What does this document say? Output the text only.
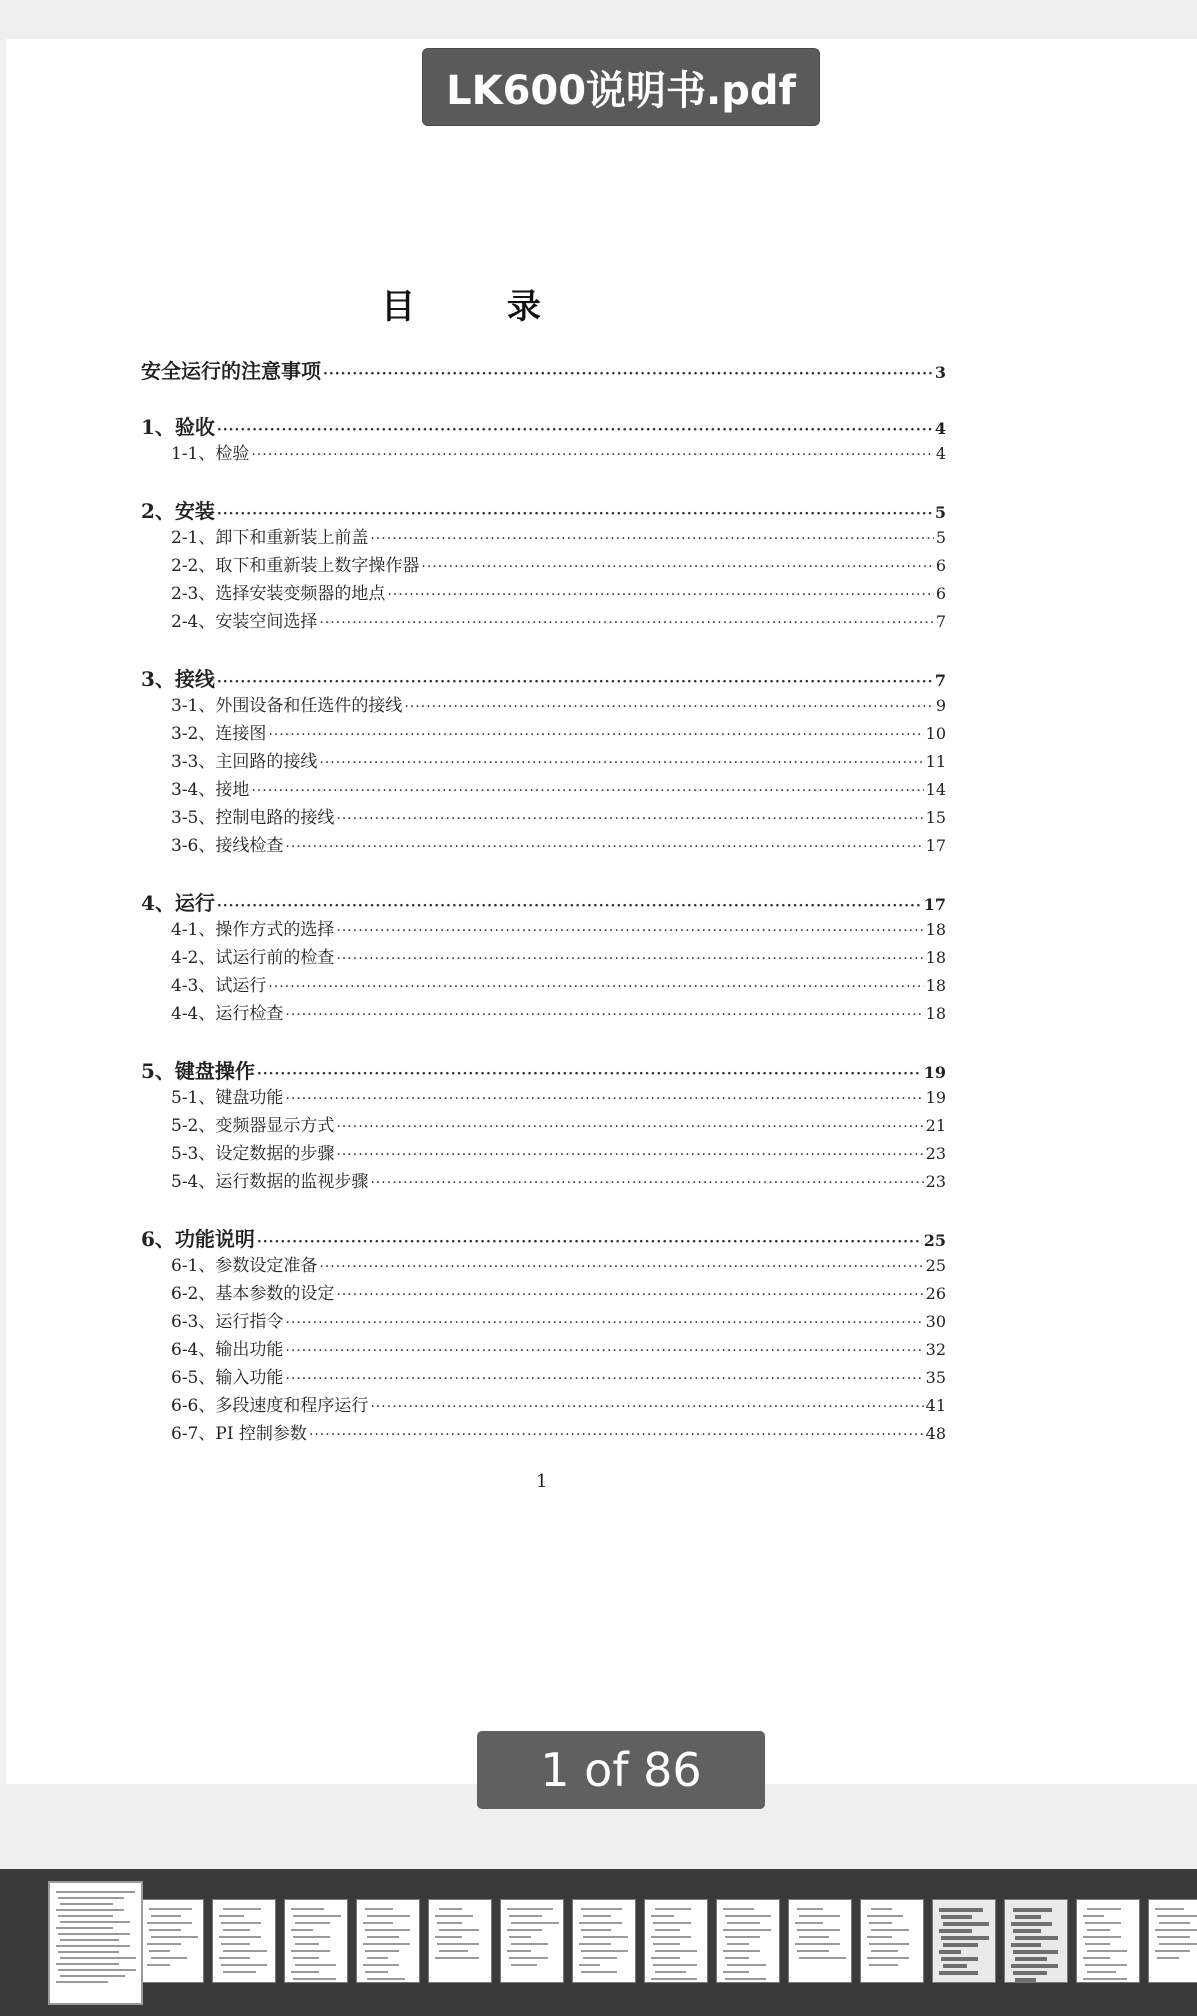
目 录
安全运行的注意事项 ·····	3
1、验收 ·····	4
1-1、检验 ·····	4
2、安装 ·····	5
2-1、卸下和重新装上前盖 ·····	5
2-2、取下和重新装上数字操作器 ·····	6
2-3、选择安装变频器的地点 ·····	6
2-4、安装空间选择 ·····	7
3、接线 ·····	7
3-1、外围设备和任选件的接线 ·····	9
3-2、连接图 ·····	10
3-3、主回路的接线 ·····	11
3-4、接地 ·····	14
3-5、控制电路的接线 ·····	15
3-6、接线检查 ·····	17
4、运行 ·····	17
4-1、操作方式的选择 ·····	18
4-2、试运行前的检查 ·····	18
4-3、试运行 ·····	18
4-4、运行检查 ·····	18
5、键盘操作 ·····	19
5-1、键盘功能 ·····	19
5-2、变频器显示方式 ·····	21
5-3、设定数据的步骤 ·····	23
5-4、运行数据的监视步骤 ·····	23
6、功能说明 ·····	25
6-1、参数设定准备 ·····	25
6-2、基本参数的设定 ·····	26
6-3、运行指令 ·····	30
6-4、输出功能 ·····	32
6-5、输入功能 ·····	35
6-6、多段速度和程序运行 ·····	41
6-7、PI 控制参数 ·····	48
1
LK600说明书.pdf
1 of 86
